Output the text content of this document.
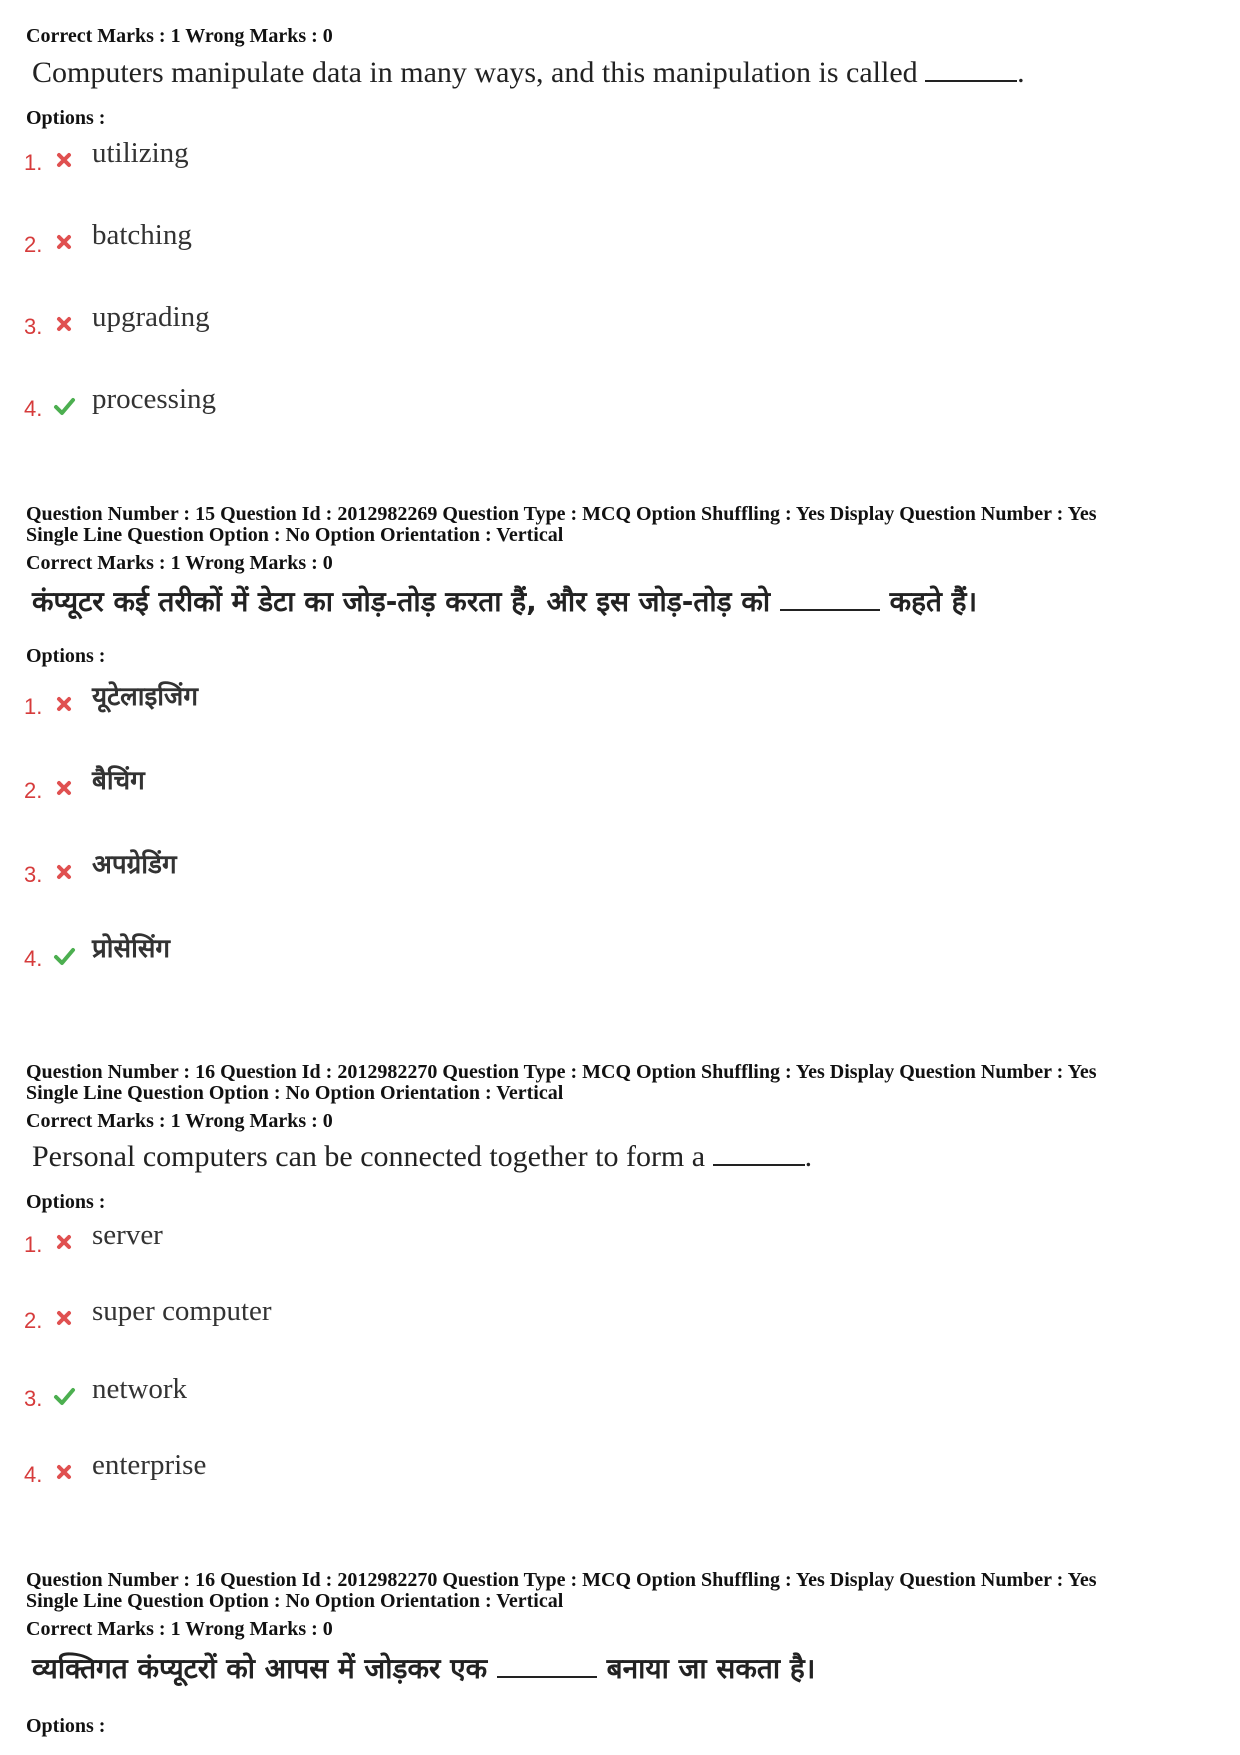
Correct Marks : 1 Wrong Marks : 0
Computers manipulate data in many ways, and this manipulation is called	.
Options :
1. utilizing
2. batching
3. upgrading
4. processing
Question Number : 15 Question Id : 2012982269 Question Type : MCQ Option Shuffling : Yes Display Question Number : Yes
Single Line Question Option : No Option Orientation : Vertical
Correct Marks : 1 Wrong Marks : 0
कंप्यूटर कई तरीकों में डेटा का जोड़-तोड़ करता हैं, और इस जोड़-तोड़ को	कहते हैं।
Options :
1. यूटेलाइजिंग
2. बैचिंग
3. अपग्रेडिंग
4. प्रोसेसिंग
Question Number : 16 Question Id : 2012982270 Question Type : MCQ Option Shuffling : Yes Display Question Number : Yes
Single Line Question Option : No Option Orientation : Vertical
Correct Marks : 1 Wrong Marks : 0
Personal computers can be connected together to form a	.
Options :
1. server
2. super computer
3. network
4. enterprise
Question Number : 16 Question Id : 2012982270 Question Type : MCQ Option Shuffling : Yes Display Question Number : Yes
Single Line Question Option : No Option Orientation : Vertical
Correct Marks : 1 Wrong Marks : 0
व्यक्तिगत कंप्यूटरों को आपस में जोड़कर एक	बनाया जा सकता है।
Options :
